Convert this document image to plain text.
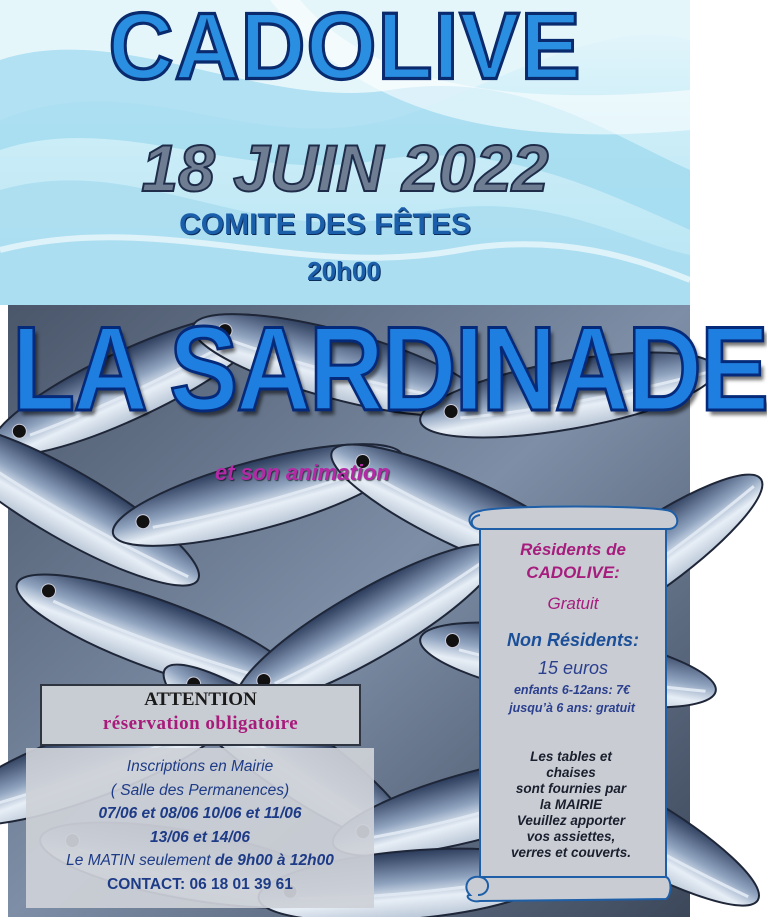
CADOLIVE
18 JUIN 2022
COMITE DES FÊTES
20h00
LA SARDINADE
et son animation
Résidents de
CADOLIVE:
Gratuit
Non Résidents:
15 euros
enfants 6-12ans: 7€
jusqu’à 6 ans: gratuit
Les tables et
chaises
sont fournies par
la MAIRIE
Veuillez apporter
vos assiettes,
verres et couverts.
ATTENTION
réservation obligatoire
Inscriptions en Mairie
( Salle des Permanences)
07/06 et 08/06 10/06 et 11/06
13/06 et 14/06
Le MATIN seulement de 9h00 à 12h00
CONTACT: 06 18 01 39 61
